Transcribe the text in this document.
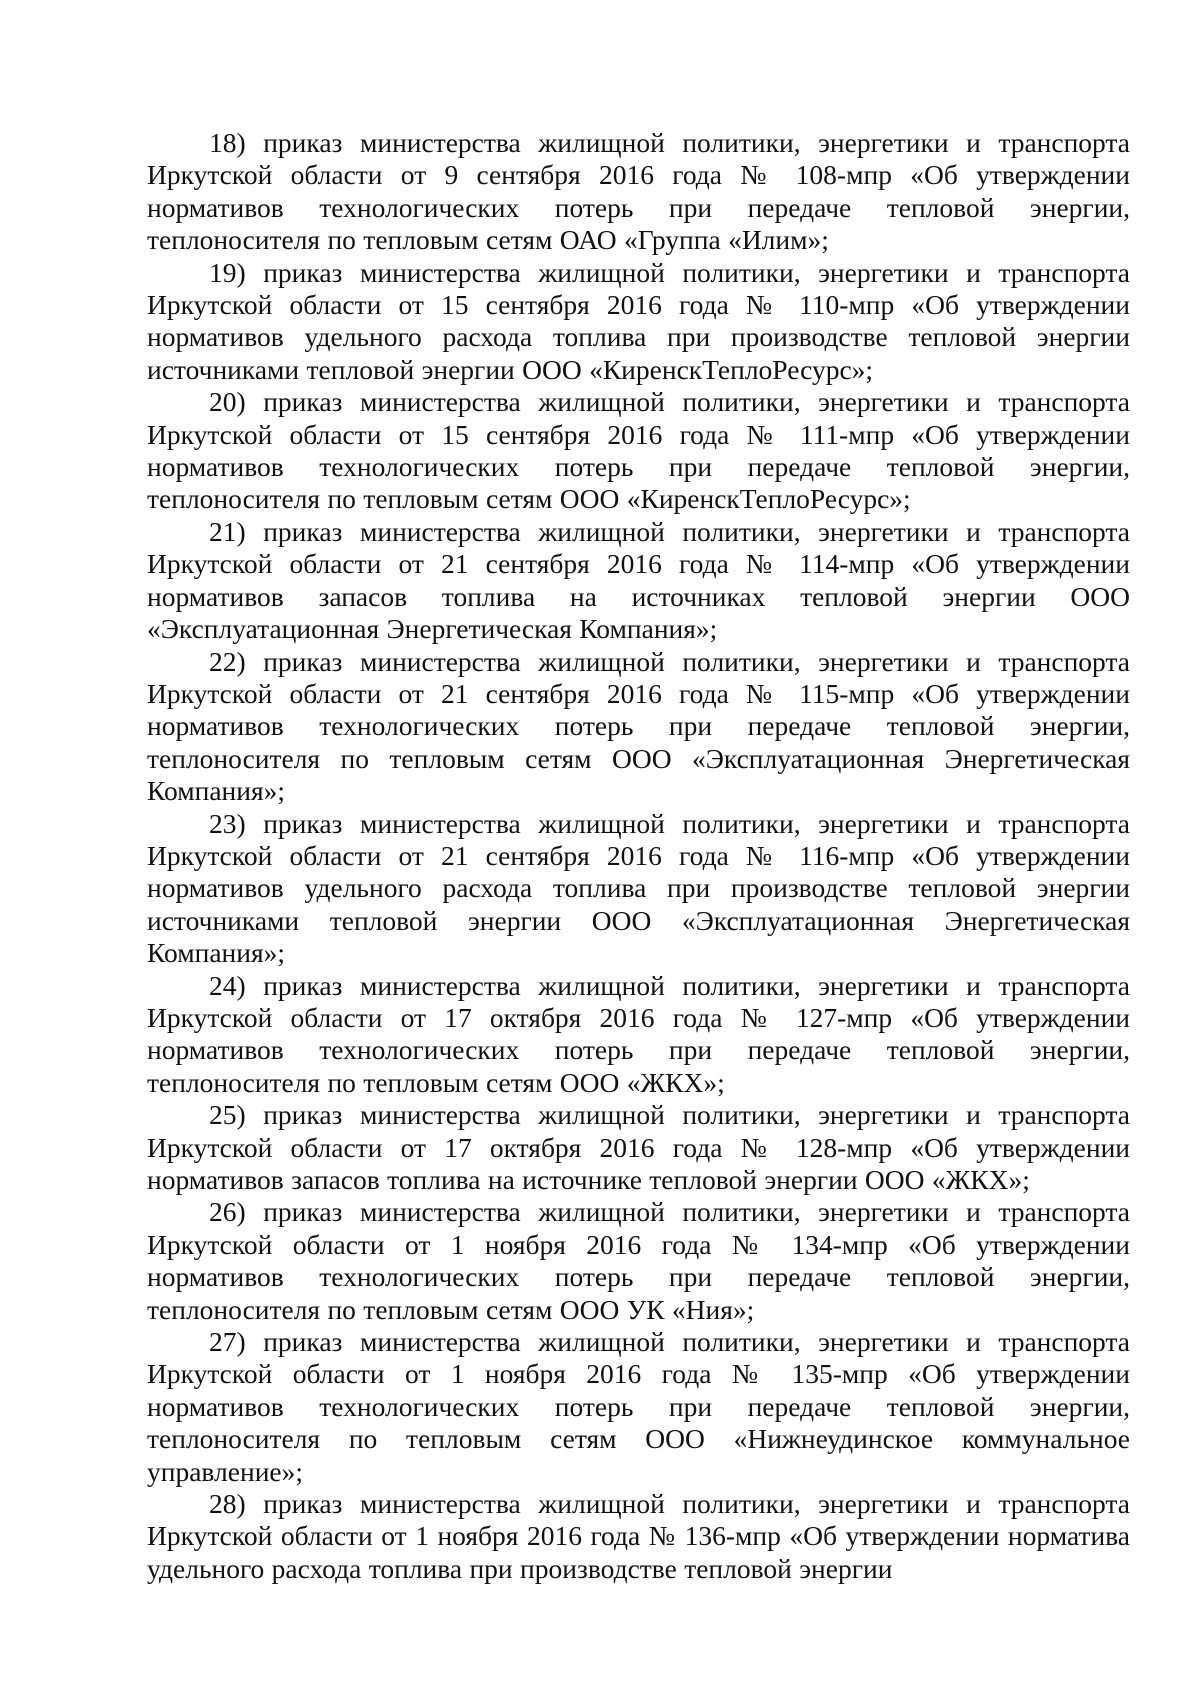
18) приказ министерства жилищной политики, энергетики и транспорта Иркутской области от 9 сентября 2016 года № 108-мпр «Об утверждении нормативов технологических потерь при передаче тепловой энергии, теплоносителя по тепловым сетям ОАО «Группа «Илим»;

19) приказ министерства жилищной политики, энергетики и транспорта Иркутской области от 15 сентября 2016 года № 110-мпр «Об утверждении нормативов удельного расхода топлива при производстве тепловой энергии источниками тепловой энергии ООО «КиренскТеплоРесурс»;

20) приказ министерства жилищной политики, энергетики и транспорта Иркутской области от 15 сентября 2016 года № 111-мпр «Об утверждении нормативов технологических потерь при передаче тепловой энергии, теплоносителя по тепловым сетям ООО «КиренскТеплоРесурс»;

21) приказ министерства жилищной политики, энергетики и транспорта Иркутской области от 21 сентября 2016 года № 114-мпр «Об утверждении нормативов запасов топлива на источниках тепловой энергии ООО «Эксплуатационная Энергетическая Компания»;

22) приказ министерства жилищной политики, энергетики и транспорта Иркутской области от 21 сентября 2016 года № 115-мпр «Об утверждении нормативов технологических потерь при передаче тепловой энергии, теплоносителя по тепловым сетям ООО «Эксплуатационная Энергетическая Компания»;

23) приказ министерства жилищной политики, энергетики и транспорта Иркутской области от 21 сентября 2016 года № 116-мпр «Об утверждении нормативов удельного расхода топлива при производстве тепловой энергии источниками тепловой энергии ООО «Эксплуатационная Энергетическая Компания»;

24) приказ министерства жилищной политики, энергетики и транспорта Иркутской области от 17 октября 2016 года № 127-мпр «Об утверждении нормативов технологических потерь при передаче тепловой энергии, теплоносителя по тепловым сетям ООО «ЖКХ»;

25) приказ министерства жилищной политики, энергетики и транспорта Иркутской области от 17 октября 2016 года № 128-мпр «Об утверждении нормативов запасов топлива на источнике тепловой энергии ООО «ЖКХ»;

26) приказ министерства жилищной политики, энергетики и транспорта Иркутской области от 1 ноября 2016 года № 134-мпр «Об утверждении нормативов технологических потерь при передаче тепловой энергии, теплоносителя по тепловым сетям ООО УК «Ния»;

27) приказ министерства жилищной политики, энергетики и транспорта Иркутской области от 1 ноября 2016 года № 135-мпр «Об утверждении нормативов технологических потерь при передаче тепловой энергии, теплоносителя по тепловым сетям ООО «Нижнеудинское коммунальное управление»;

28) приказ министерства жилищной политики, энергетики и транспорта Иркутской области от 1 ноября 2016 года № 136-мпр «Об утверждении норматива удельного расхода топлива при производстве тепловой энергии
